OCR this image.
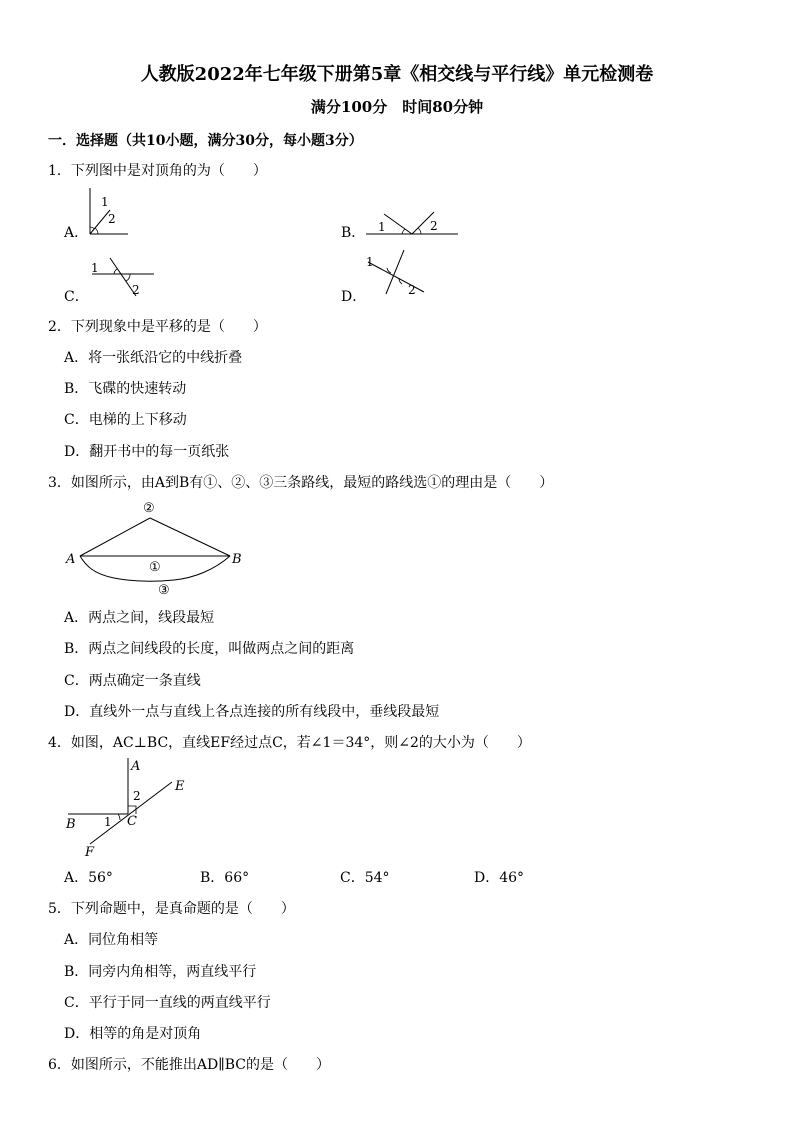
人教版2022年七年级下册第5章《相交线与平行线》单元检测卷
满分100分　时间80分钟
一．选择题（共10小题，满分30分，每小题3分）
1．下列图中是对顶角的为（　　）
A．
1
2
B． 1	2
C．
1
2	D．
1
2
2．下列现象中是平移的是（　　）
A．将一张纸沿它的中线折叠
B．飞碟的快速转动
C．电梯的上下移动
D．翻开书中的每一页纸张
3．如图所示，由A到B有①、②、③三条路线，最短的路线选①的理由是（　　）
A	B
①
②
③
A．两点之间，线段最短
B．两点之间线段的长度，叫做两点之间的距离
C．两点确定一条直线
D．直线外一点与直线上各点连接的所有线段中，垂线段最短
4．如图，AC⊥BC，直线EF经过点C，若∠1＝34°，则∠2的大小为（　　）
A
B	C
E
F
1
2
A．56°	B．66°	C．54°	D．46°
5．下列命题中，是真命题的是（　　）
A．同位角相等
B．同旁内角相等，两直线平行
C．平行于同一直线的两直线平行
D．相等的角是对顶角
6．如图所示，不能推出AD∥BC的是（　　）
